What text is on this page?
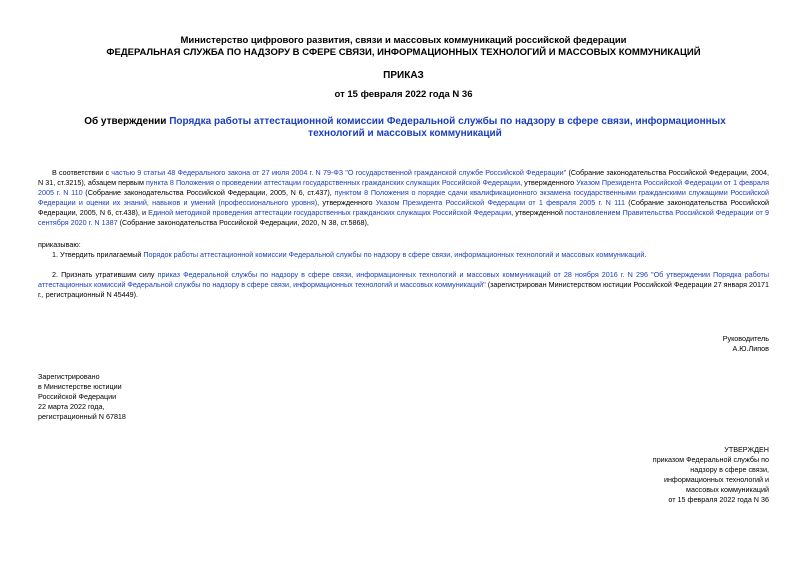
Министерство цифрового развития, связи и массовых коммуникаций российской федерации
ФЕДЕРАЛЬНАЯ СЛУЖБА ПО НАДЗОРУ В СФЕРЕ СВЯЗИ, ИНФОРМАЦИОННЫХ ТЕХНОЛОГИЙ И МАССОВЫХ КОММУНИКАЦИЙ
ПРИКАЗ
от 15 февраля 2022 года N 36
Об утверждении Порядка работы аттестационной комиссии Федеральной службы по надзору в сфере связи, информационных технологий и массовых коммуникаций
В соответствии с частью 9 статьи 48 Федерального закона от 27 июля 2004 г. N 79-ФЗ "О государственной гражданской службе Российской Федерации" (Собрание законодательства Российской Федерации, 2004, N 31, ст.3215), абзацем первым пункта 8 Положения о проведении аттестации государственных гражданских служащих Российской Федерации, утвержденного Указом Президента Российской Федерации от 1 февраля 2005 г. N 110 (Собрание законодательства Российской Федерации, 2005, N 6, ст.437), пунктом 8 Положения о порядке сдачи квалификационного экзамена государственными гражданскими служащими Российской Федерации и оценки их знаний, навыков и умений (профессионального уровня), утвержденного Указом Президента Российской Федерации от 1 февраля 2005 г. N 111 (Собрание законодательства Российской Федерации, 2005, N 6, ст.438), и Единой методикой проведения аттестации государственных гражданских служащих Российской Федерации, утвержденной постановлением Правительства Российской Федерации от 9 сентября 2020 г. N 1387 (Собрание законодательства Российской Федерации, 2020, N 38, ст.5868),
приказываю:
1. Утвердить прилагаемый Порядок работы аттестационной комиссии Федеральной службы по надзору в сфере связи, информационных технологий и массовых коммуникаций.
2. Признать утратившим силу приказ Федеральной службы по надзору в сфере связи, информационных технологий и массовых коммуникаций от 28 ноября 2016 г. N 296 "Об утверждении Порядка работы аттестационных комиссий Федеральной службы по надзору в сфере связи, информационных технологий и массовых коммуникаций" (зарегистрирован Министерством юстиции Российской Федерации 27 января 20171 г., регистрационный N 45449).
Руководитель
А.Ю.Липов
Зарегистрировано
в Министерстве юстиции
Российской Федерации
22 марта 2022 года,
регистрационный N 67818
УТВЕРЖДЕН
приказом Федеральной службы по
надзору в сфере связи,
информационных технологий и
массовых коммуникаций
от 15 февраля 2022 года N 36
